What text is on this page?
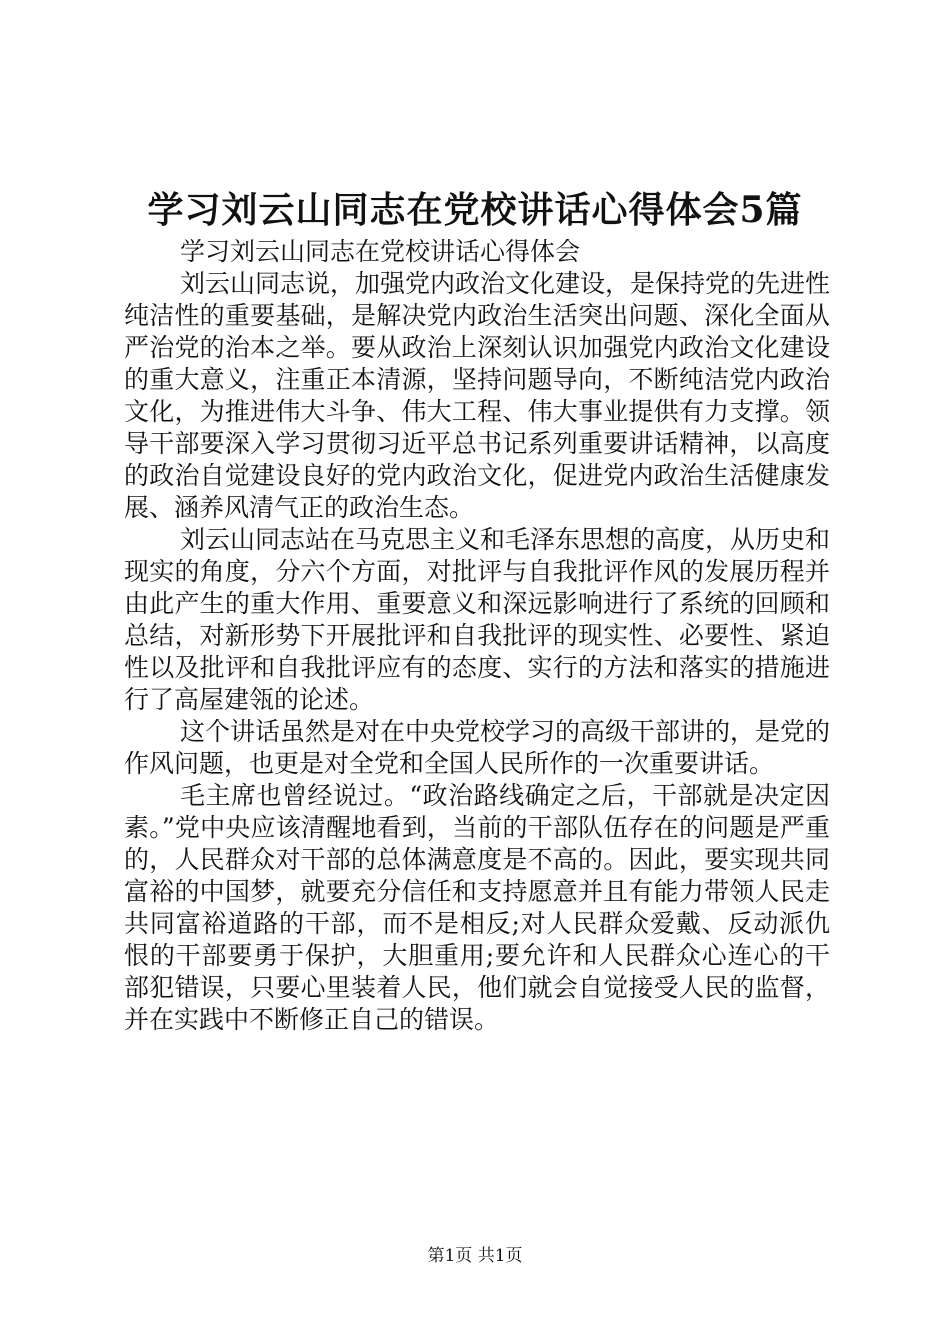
学习刘云山同志在党校讲话心得体会5篇

学习刘云山同志在党校讲话心得体会

刘云山同志说，加强党内政治文化建设，是保持党的先进性纯洁性的重要基础，是解决党内政治生活突出问题、深化全面从严治党的治本之举。要从政治上深刻认识加强党内政治文化建设的重大意义，注重正本清源，坚持问题导向，不断纯洁党内政治文化，为推进伟大斗争、伟大工程、伟大事业提供有力支撑。领导干部要深入学习贯彻习近平总书记系列重要讲话精神，以高度的政治自觉建设良好的党内政治文化，促进党内政治生活健康发展、涵养风清气正的政治生态。

刘云山同志站在马克思主义和毛泽东思想的高度，从历史和现实的角度，分六个方面，对批评与自我批评作风的发展历程并由此产生的重大作用、重要意义和深远影响进行了系统的回顾和总结，对新形势下开展批评和自我批评的现实性、必要性、紧迫性以及批评和自我批评应有的态度、实行的方法和落实的措施进行了高屋建瓴的论述。

这个讲话虽然是对在中央党校学习的高级干部讲的，是党的作风问题，也更是对全党和全国人民所作的一次重要讲话。

毛主席也曾经说过。“政治路线确定之后，干部就是决定因素。”党中央应该清醒地看到，当前的干部队伍存在的问题是严重的，人民群众对干部的总体满意度是不高的。因此，要实现共同富裕的中国梦，就要充分信任和支持愿意并且有能力带领人民走共同富裕道路的干部，而不是相反;对人民群众爱戴、反动派仇恨的干部要勇于保护，大胆重用;要允许和人民群众心连心的干部犯错误，只要心里装着人民，他们就会自觉接受人民的监督，并在实践中不断修正自己的错误。

第1页 共1页
